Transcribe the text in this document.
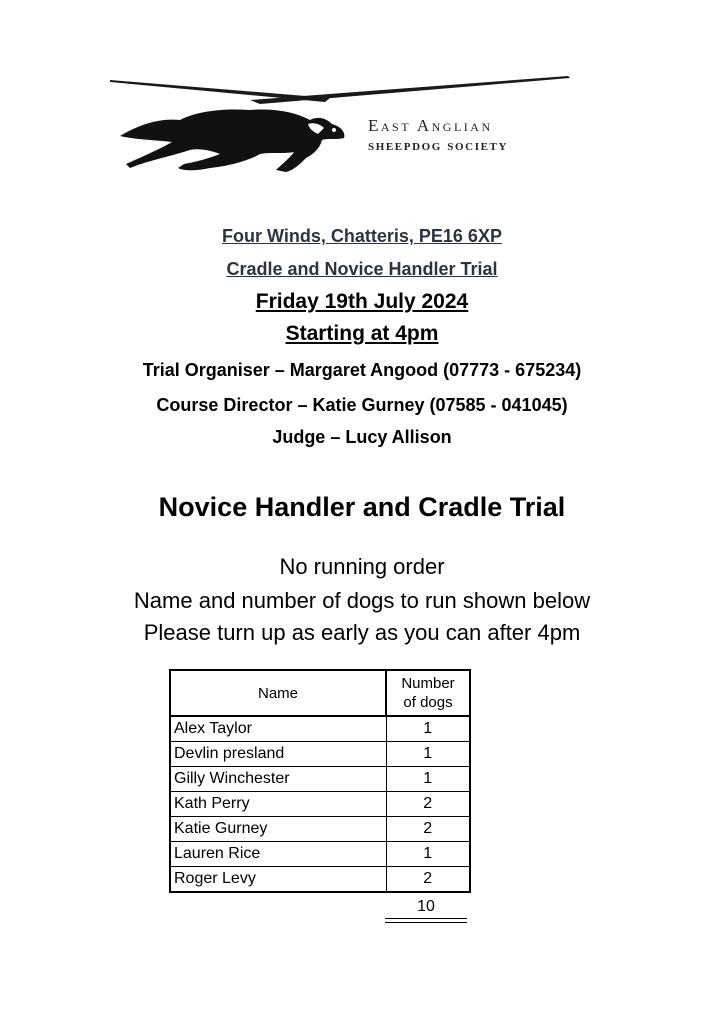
East Anglian
sheepdog society
Four Winds, Chatteris, PE16 6XP
Cradle and Novice Handler Trial
Friday 19th July 2024
Starting at 4pm
Trial Organiser – Margaret Angood (07773 - 675234)
Course Director – Katie Gurney (07585 - 041045)
Judge – Lucy Allison
Novice Handler and Cradle Trial
No running order
Name and number of dogs to run shown below
Please turn up as early as you can after 4pm
Name	Number
of dogs
Alex Taylor	1
Devlin presland	1
Gilly Winchester	1
Kath Perry	2
Katie Gurney	2
Lauren Rice	1
Roger Levy	2
10
